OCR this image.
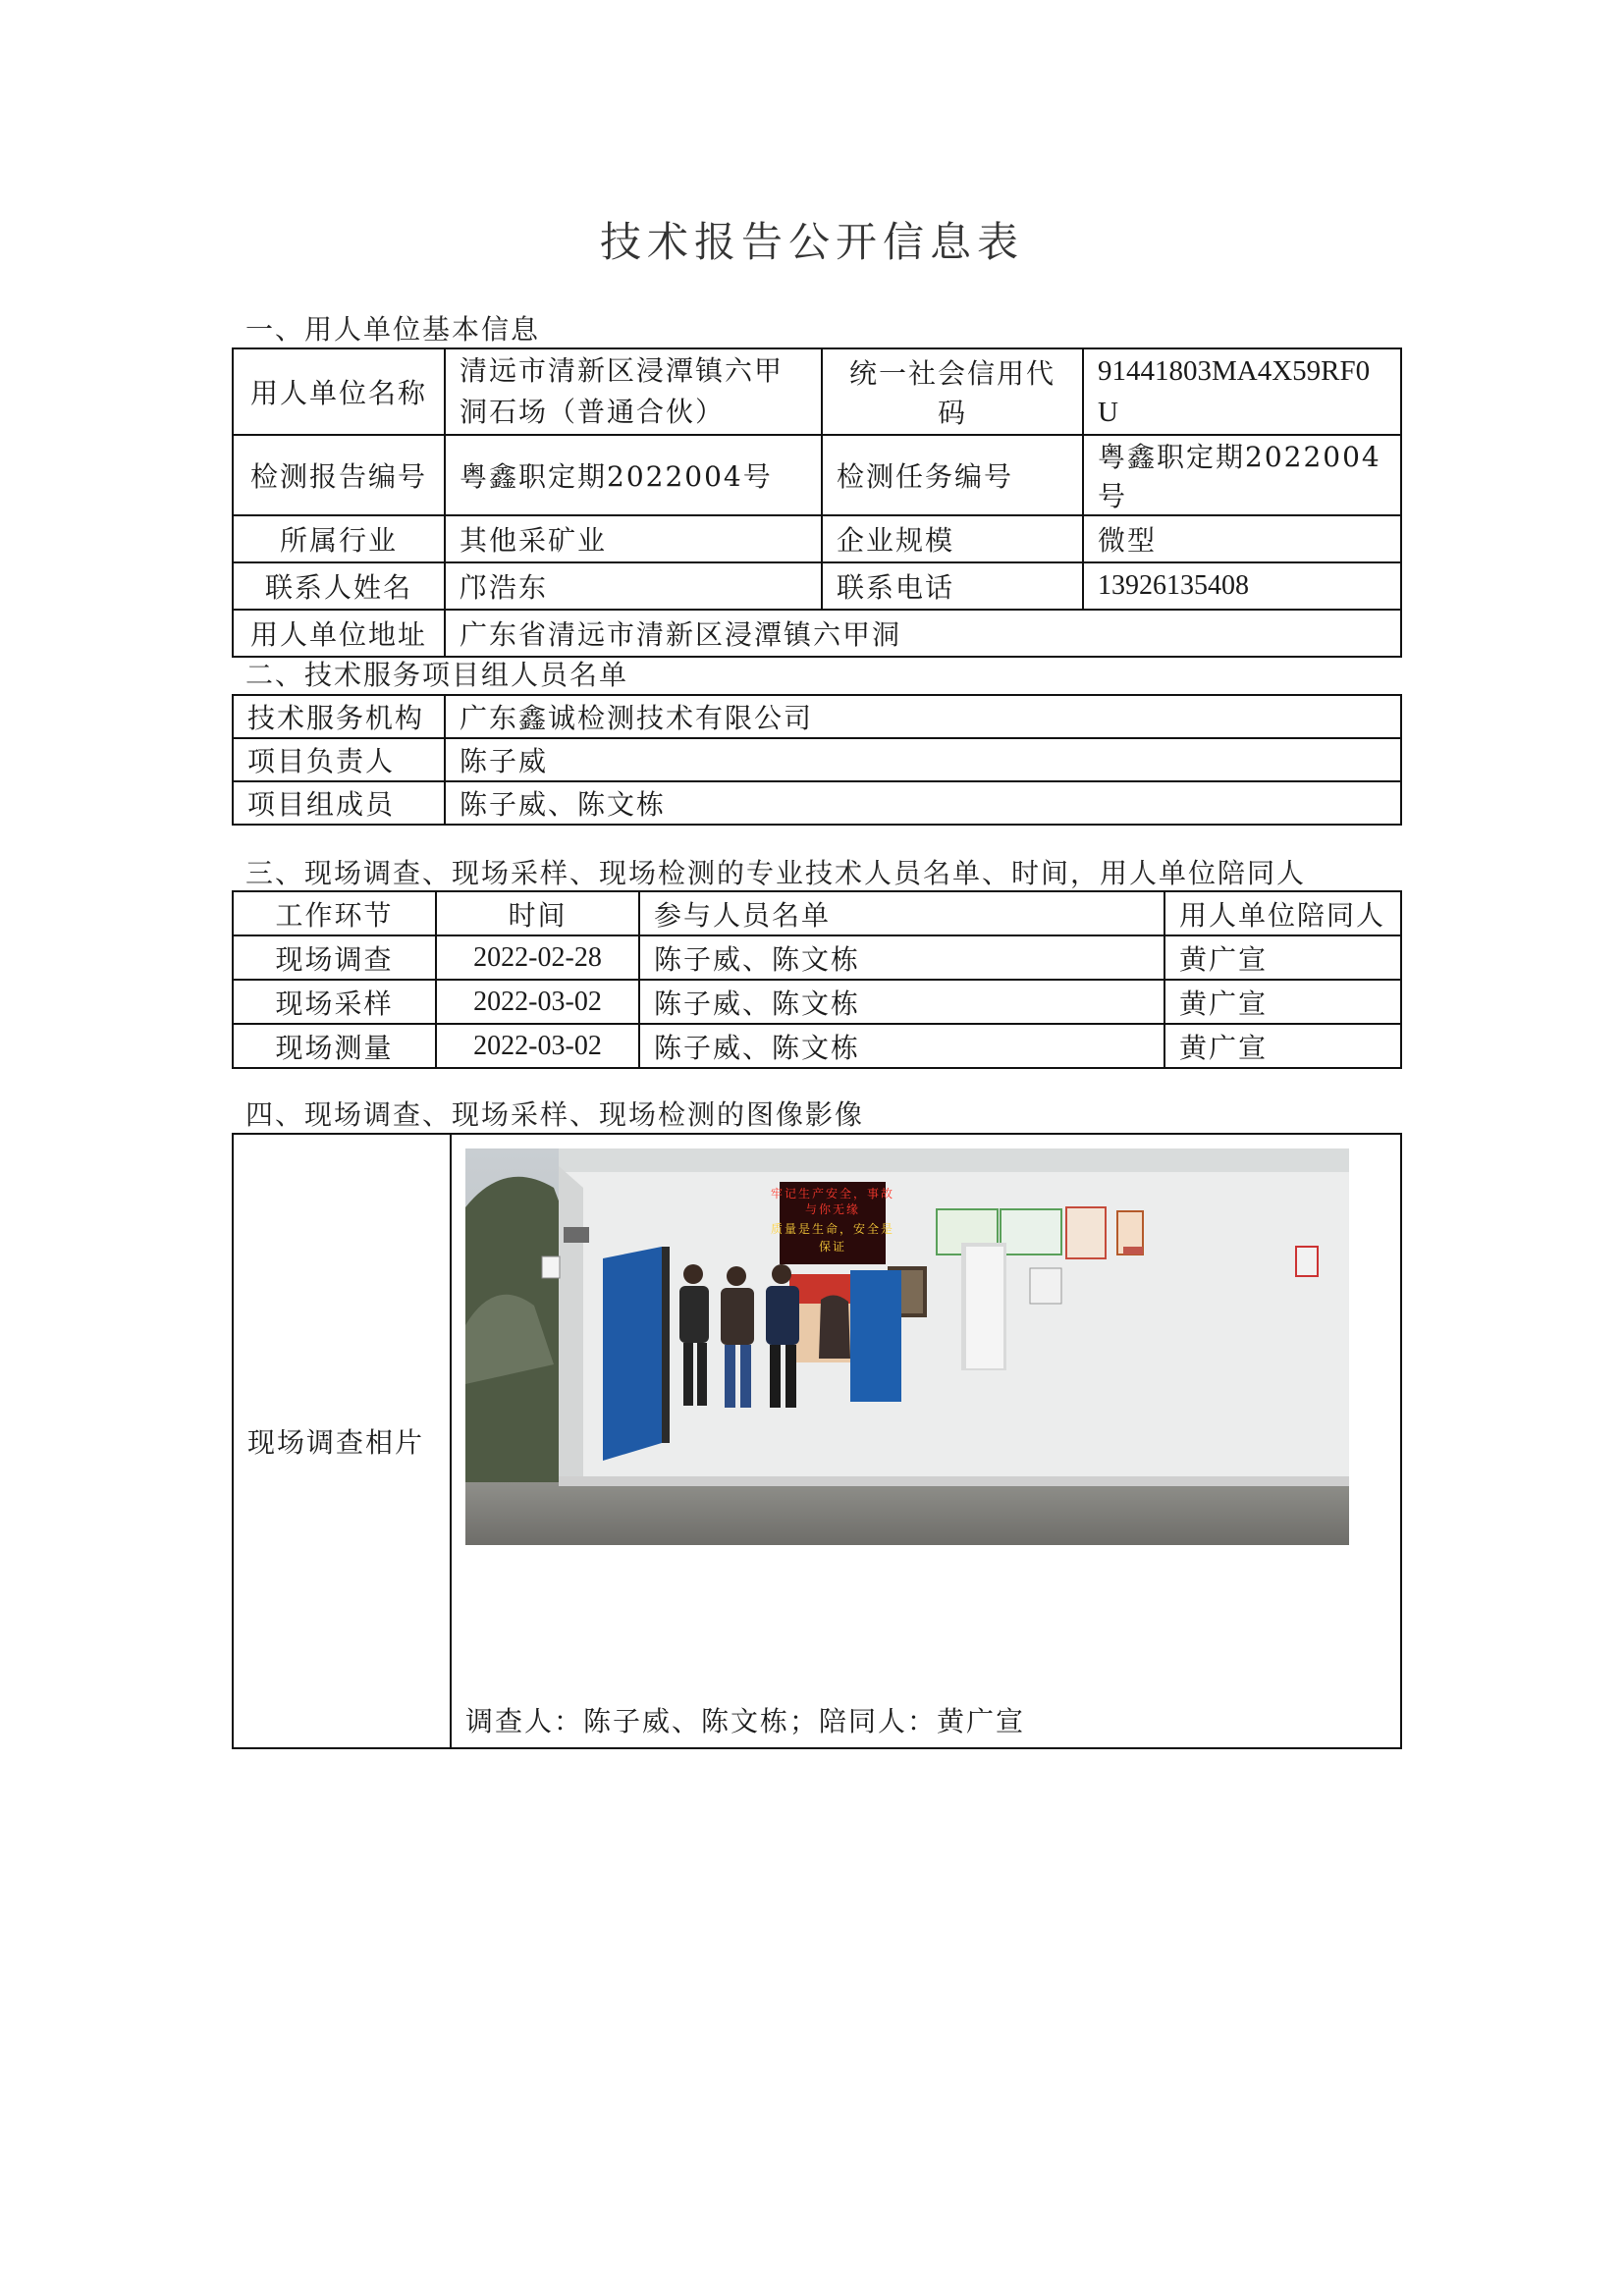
技术报告公开信息表
一、用人单位基本信息
用人单位名称	清远市清新区浸潭镇六甲洞石场（普通合伙）	统一社会信用代码	91441803MA4X59RF0U
检测报告编号	粤鑫职定期2022004号	检测任务编号	粤鑫职定期2022004号
所属行业	其他采矿业	企业规模	微型
联系人姓名	邝浩东	联系电话	13926135408
用人单位地址	广东省清远市清新区浸潭镇六甲洞		
二、技术服务项目组人员名单
技术服务机构	广东鑫诚检测技术有限公司
项目负责人	陈子威
项目组成员	陈子威、陈文栋
三、现场调查、现场采样、现场检测的专业技术人员名单、时间，用人单位陪同人
工作环节	时间	参与人员名单	用人单位陪同人
现场调查	2022-02-28	陈子威、陈文栋	黄广宣
现场采样	2022-03-02	陈子威、陈文栋	黄广宣
现场测量	2022-03-02	陈子威、陈文栋	黄广宣
四、现场调查、现场采样、现场检测的图像影像
现场调查相片	
牢记生产安全，事故
与你无缘
质量是生命，安全是
保证
调查人：陈子威、陈文栋；陪同人：黄广宣
